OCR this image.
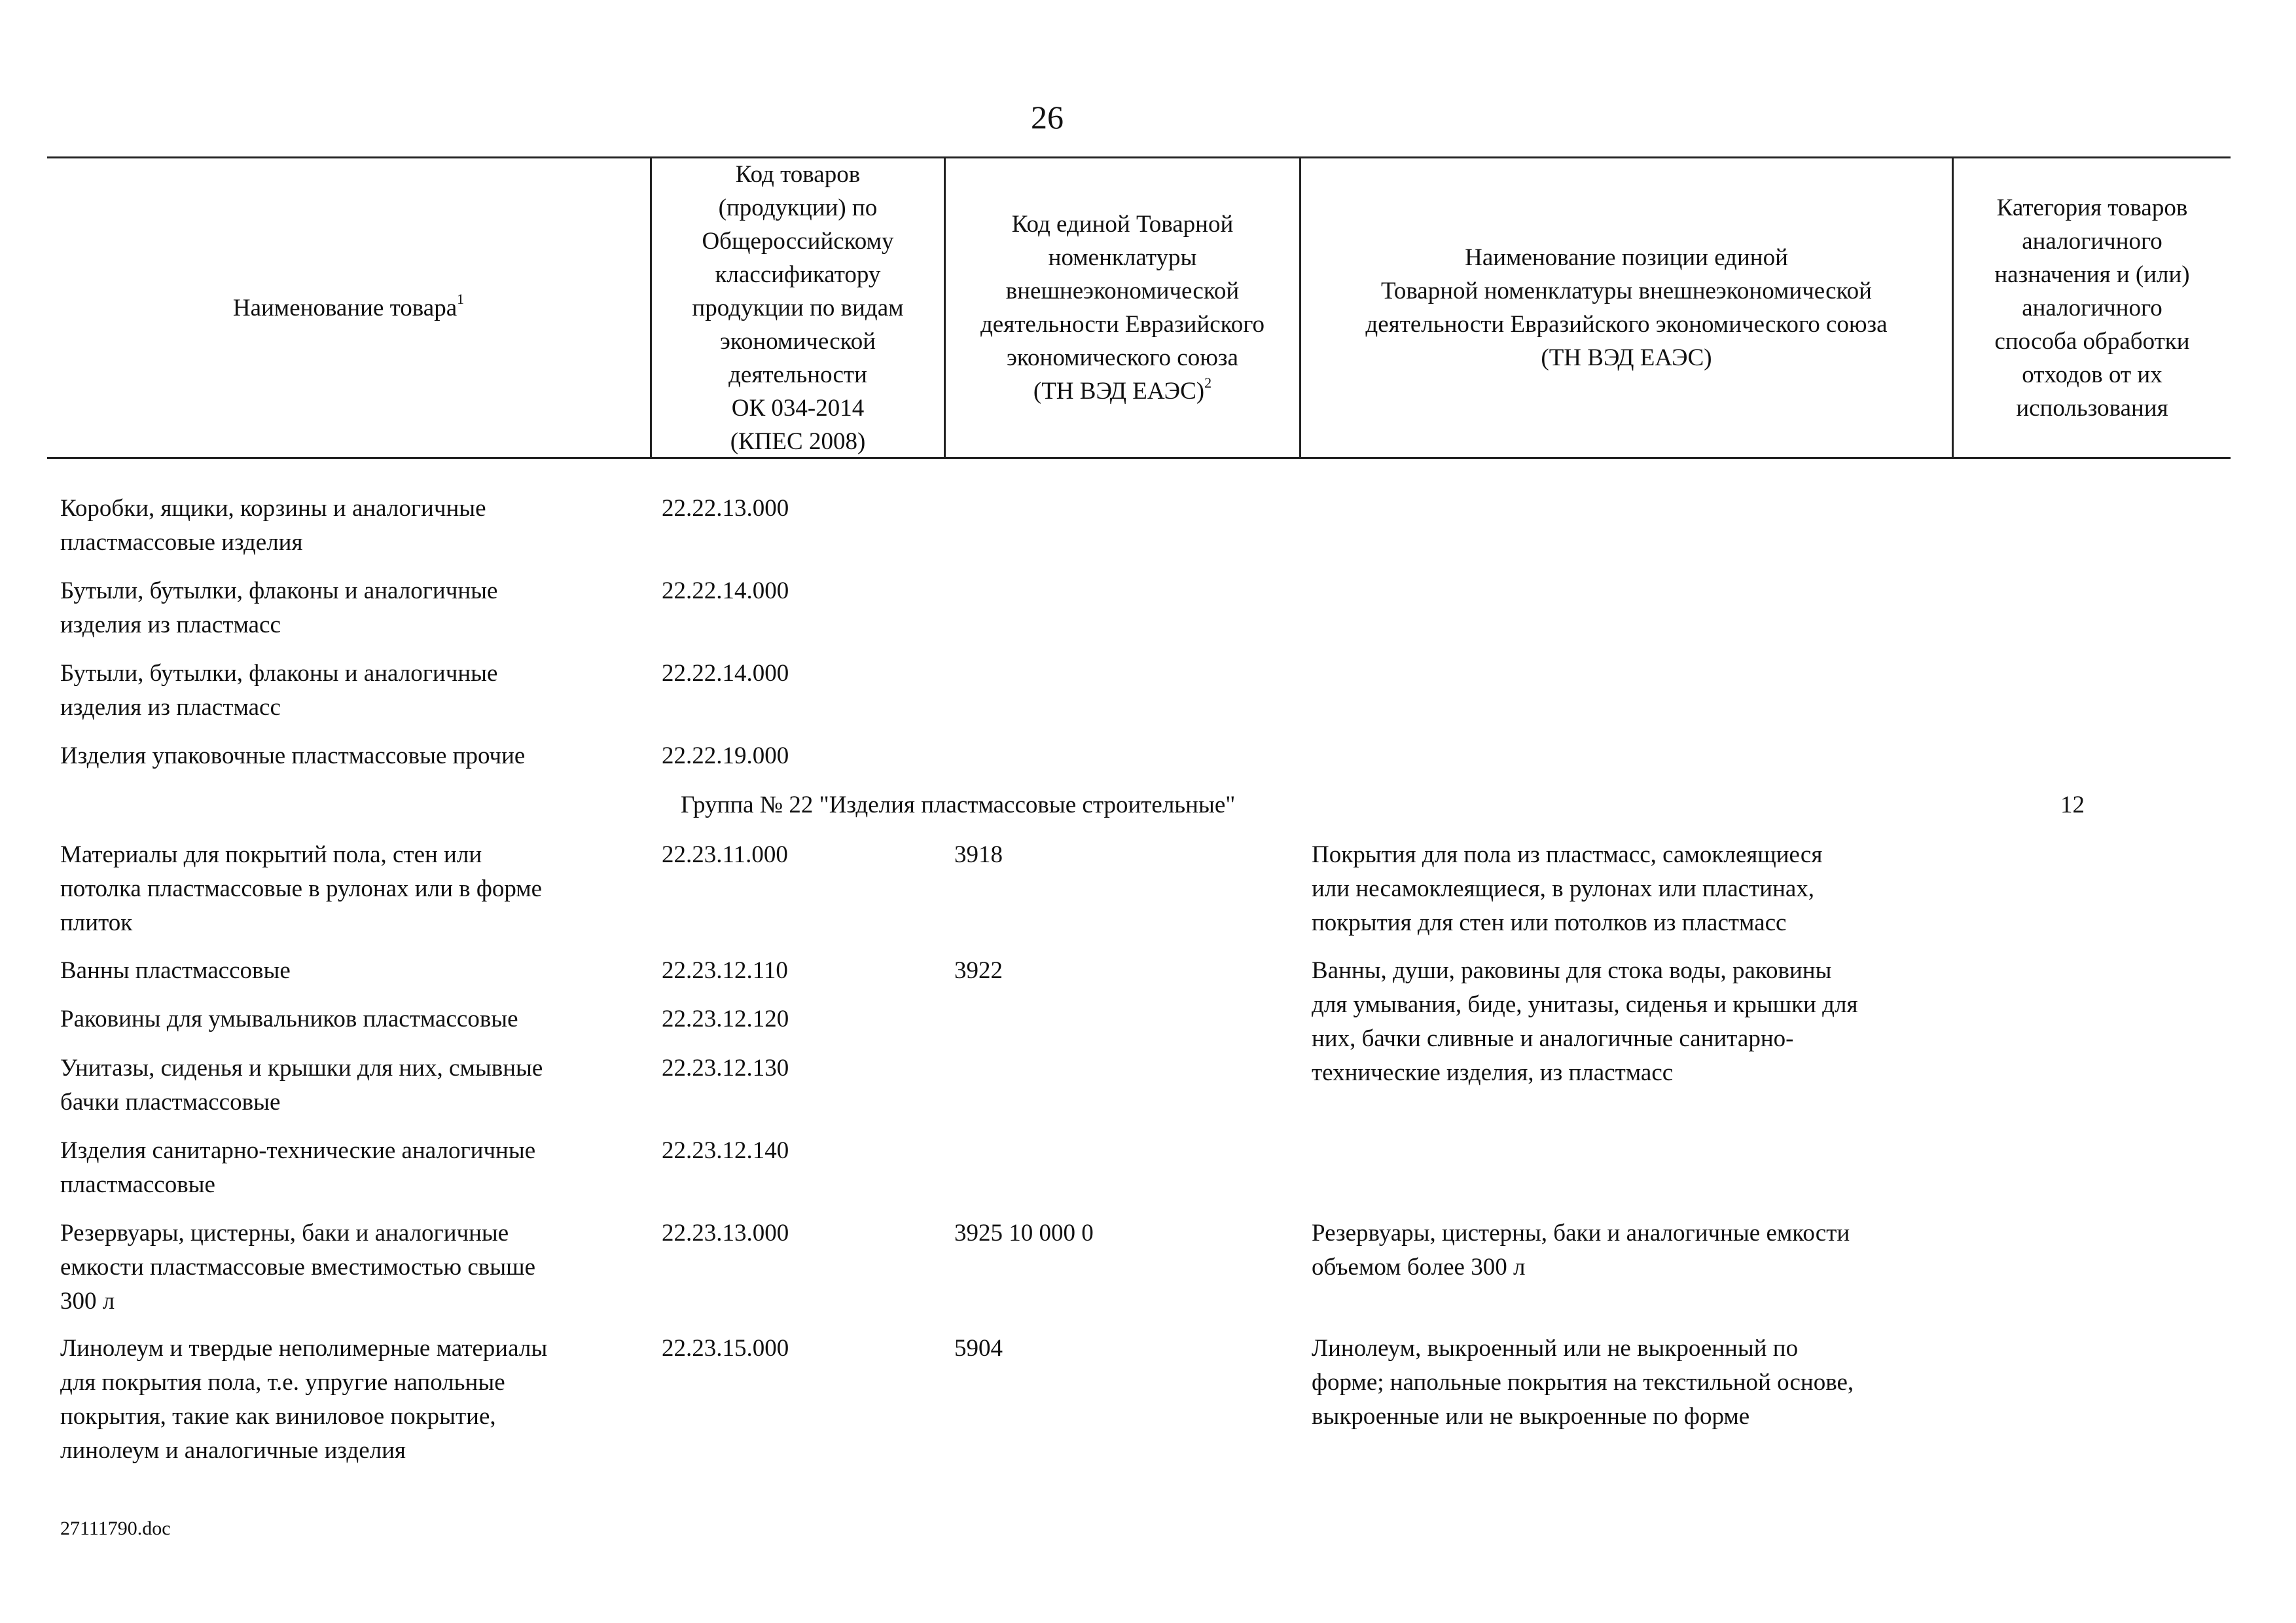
26
Наименование товара$^1$
Код товаров
(продукции) по
Общероссийскому
классификатору
продукции по видам
экономической
деятельности
ОК 034-2014
(КПЕС 2008)
Код единой Товарной
номенклатуры
внешнеэкономической
деятельности Евразийского
экономического союза
(ТН ВЭД ЕАЭС)$^2$
Наименование позиции единой
Товарной номенклатуры внешнеэкономической
деятельности Евразийского экономического союза
(ТН ВЭД ЕАЭС)
Категория товаров
аналогичного
назначения и (или)
аналогичного
способа обработки
отходов от их
использования
Коробки, ящики, корзины и аналогичные
пластмассовые изделия
Бутыли, бутылки, флаконы и аналогичные
изделия из пластмасс
Бутыли, бутылки, флаконы и аналогичные
изделия из пластмасс
Изделия упаковочные пластмассовые прочие
Материалы для покрытий пола, стен или
потолка пластмассовые в рулонах или в форме
плиток
Ванны пластмассовые
Раковины для умывальников пластмассовые
Унитазы, сиденья и крышки для них, смывные
бачки пластмассовые
Изделия санитарно-технические аналогичные
пластмассовые
Резервуары, цистерны, баки и аналогичные
емкости пластмассовые вместимостью свыше
300 л
Линолеум и твердые неполимерные материалы
для покрытия пола, т.е. упругие напольные
покрытия, такие как виниловое покрытие,
линолеум и аналогичные изделия
22.22.13.000
22.22.14.000
22.22.14.000
22.22.19.000
22.23.11.000
22.23.12.110
22.23.12.120
22.23.12.130
22.23.12.140
22.23.13.000
22.23.15.000
Группа № 22 "Изделия пластмассовые строительные"	12
3918
3922
3925 10 000 0
5904
Покрытия для пола из пластмасс, самоклеящиеся
или несамоклеящиеся, в рулонах или пластинах,
покрытия для стен или потолков из пластмасс
Ванны, души, раковины для стока воды, раковины
для умывания, биде, унитазы, сиденья и крышки для
них, бачки сливные и аналогичные санитарно-
технические изделия, из пластмасс
Резервуары, цистерны, баки и аналогичные емкости
объемом более 300 л
Линолеум, выкроенный или не выкроенный по
форме; напольные покрытия на текстильной основе,
выкроенные или не выкроенные по форме
27111790.doc
